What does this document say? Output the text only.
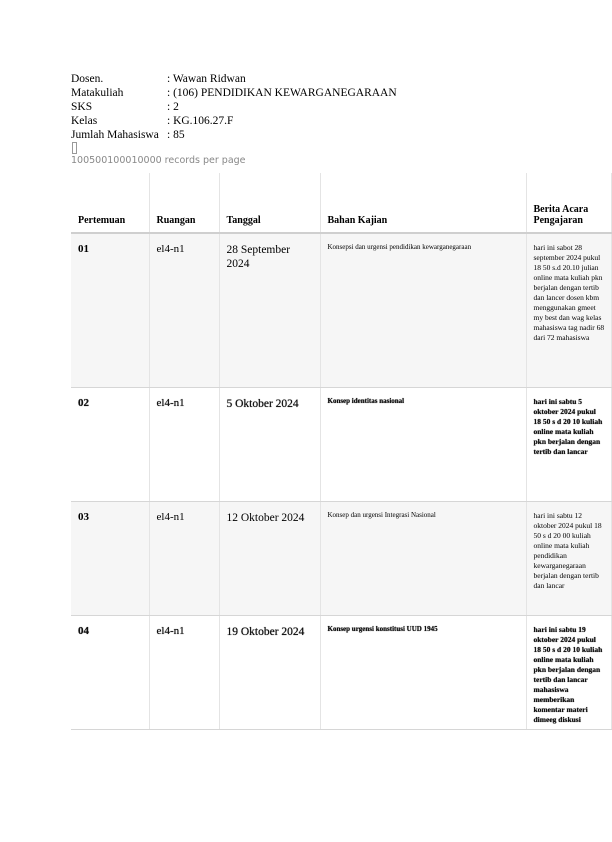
Dosen.	: Wawan Ridwan
Matakuliah	: (106) PENDIDIKAN KEWARGANEGARAAN
SKS	: 2
Kelas	: KG.106.27.F
Jumlah Mahasiswa : 85
100500100010000 records per page
Pertemuan	Ruangan	Tanggal	Bahan Kajian	Berita Acara Pengajaran
01	el4-n1	28 September 2024	Konsepsi dan urgensi pendidikan kewarganegaraan	hari ini sabot 28 september 2024 pukul 18 50 s.d 20.10 julian online mata kuliah pkn berjalan dengan tertib dan lancer dosen kbm menggunakan gmeet my best dan wag kelas mahasiswa tag nadir 68 dari 72 mahasiswa
02	el4-n1	5 Oktober 2024	Konsep identitas nasional	hari ini sabtu 5 oktober 2024 pukul 18 50 s d 20 10 kuliah online mata kuliah pkn berjalan dengan tertib dan lancar
03	el4-n1	12 Oktober 2024	Konsep dan urgensi Integrasi Nasional	hari ini sabtu 12 oktober 2024 pukul 18 50 s d 20 00 kuliah online mata kuliah pendidikan kewarganegaraan berjalan dengan tertib dan lancar
04	el4-n1	19 Oktober 2024	Konsep urgensi konstitusi UUD 1945	hari ini sabtu 19 oktober 2024 pukul 18 50 s d 20 10 kuliah online mata kuliah pkn berjalan dengan tertib dan lancar mahasiswa memberikan komentar materi dimeeg diskusi
